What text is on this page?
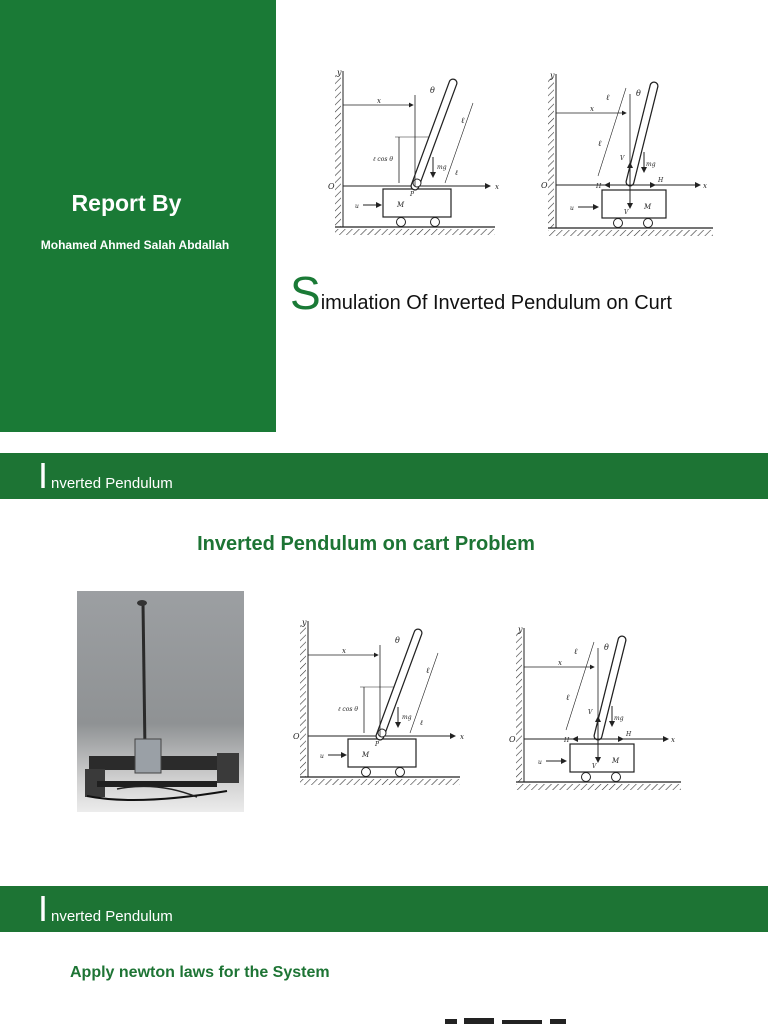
Report By
Mohamed Ahmed Salah Abdallah
Simulation Of Inverted Pendulum on Curt
I nverted Pendulum
Inverted Pendulum on cart Problem
I nverted Pendulum
Apply newton laws for the System
